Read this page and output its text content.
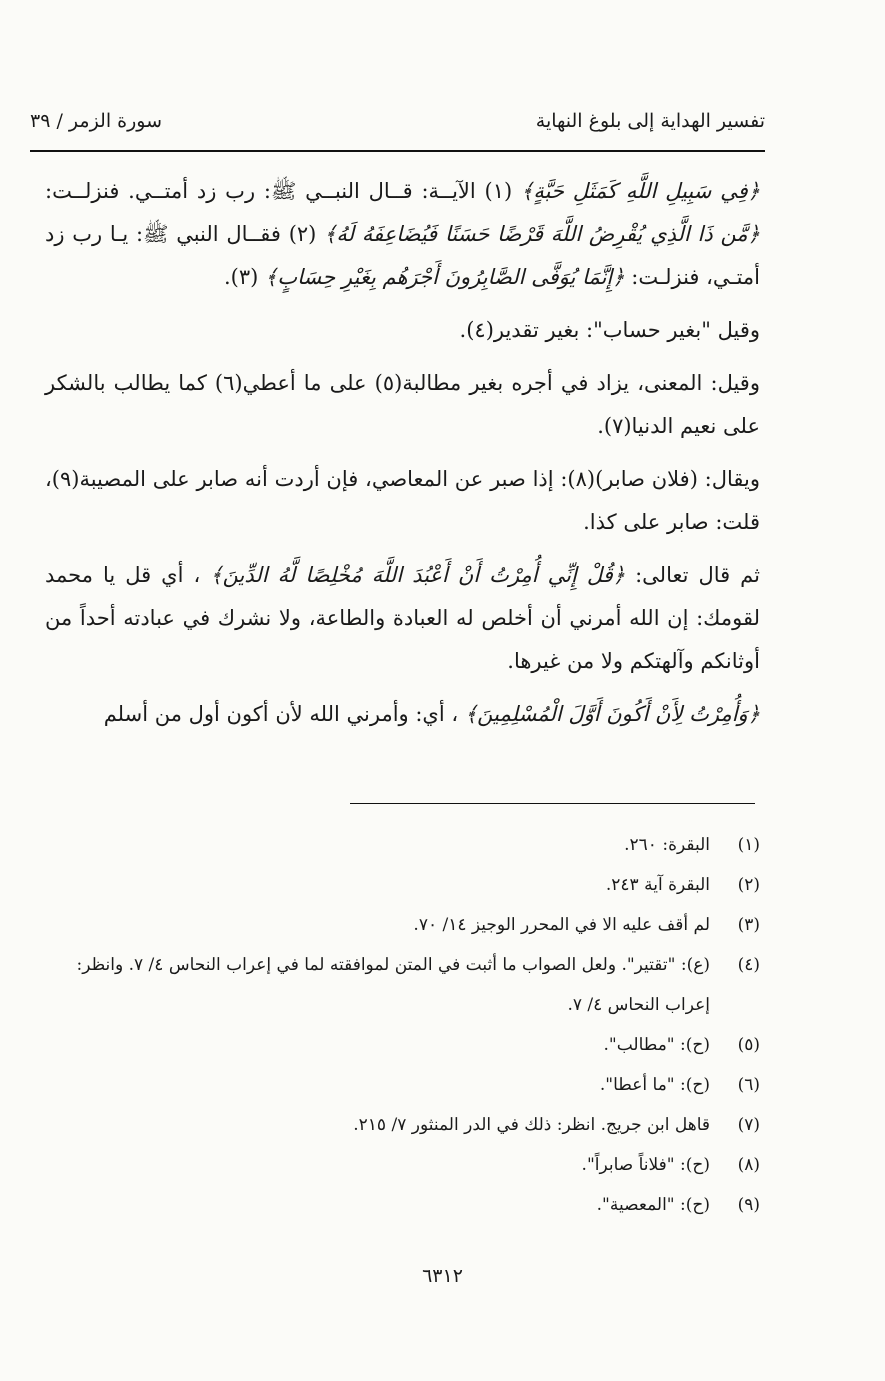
تفسير الهداية إلى بلوغ النهاية
سورة الزمر / ٣٩

﴿فِي سَبِيلِ اللَّهِ كَمَثَلِ حَبَّةٍ﴾ (١) الآيــة: قــال النبــي ﷺ: رب زد أمتــي. فنزلــت: ﴿مَّن ذَا الَّذِي يُقْرِضُ اللَّهَ قَرْضًا حَسَنًا فَيُضَاعِفَهُ لَهُ﴾ (٢) فقــال النبي ﷺ: يـا رب زد أمتـي، فنزلـت: ﴿إِنَّمَا يُوَفَّى الصَّابِرُونَ أَجْرَهُم بِغَيْرِ حِسَابٍ﴾ (٣).

وقيل "بغير حساب": بغير تقدير(٤).

وقيل: المعنى، يزاد في أجره بغير مطالبة(٥) على ما أعطي(٦) كما يطالب بالشكر على نعيم الدنيا(٧).

ويقال: (فلان صابر)(٨): إذا صبر عن المعاصي، فإن أردت أنه صابر على المصيبة(٩)، قلت: صابر على كذا.

ثم قال تعالى: ﴿قُلْ إِنِّي أُمِرْتُ أَنْ أَعْبُدَ اللَّهَ مُخْلِصًا لَّهُ الدِّينَ﴾ ، أي قل يا محمد لقومك: إن الله أمرني أن أخلص له العبادة والطاعة، ولا نشرك في عبادته أحداً من أوثانكم وآلهتكم ولا من غيرها.

﴿وَأُمِرْتُ لِأَنْ أَكُونَ أَوَّلَ الْمُسْلِمِينَ﴾ ، أي: وأمرني الله لأن أكون أول من أسلم

(١)
البقرة: ٢٦٠.
(٢)
البقرة آية ٢٤٣.
(٣)
لم أقف عليه الا في المحرر الوجيز ١٤/ ٧٠.
(٤)
(ع): "تقتير". ولعل الصواب ما أثبت في المتن لموافقته لما في إعراب النحاس ٤/ ٧. وانظر: إعراب النحاس ٤/ ٧.
(٥)
(ح): "مطالب".
(٦)
(ح): "ما أعطا".
(٧)
قاهل ابن جريج. انظر: ذلك في الدر المنثور ٧/ ٢١٥.
(٨)
(ح): "فلاناً صابراً".
(٩)
(ح): "المعصية".
٦٣١٢
